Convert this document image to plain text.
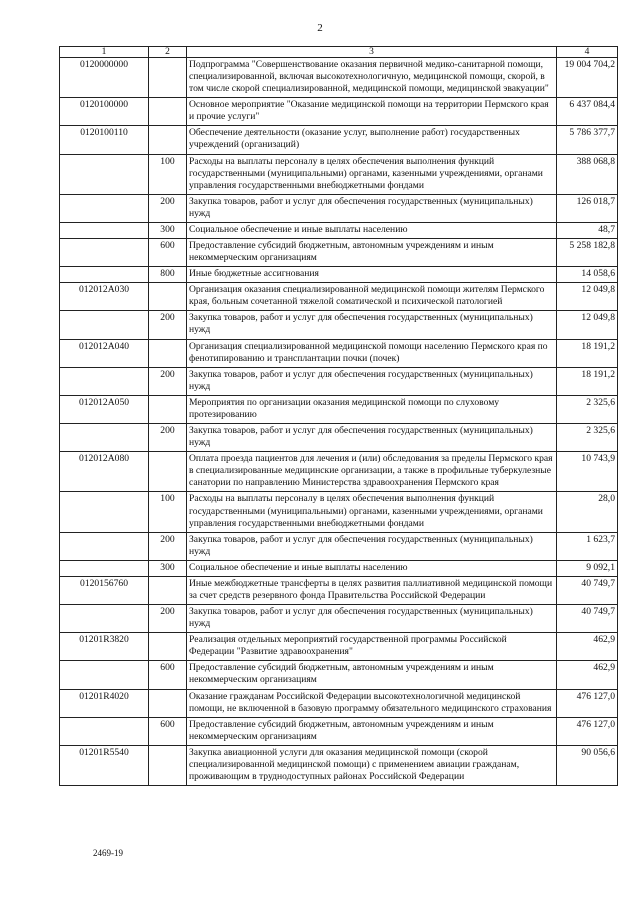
2
1	2	3	4
0120000000		Подпрограмма "Совершенствование оказания первичной медико-санитарной помощи, специализированной, включая высокотехнологичную, медицинской помощи, скорой, в том числе скорой специализированной, медицинской помощи, медицинской эвакуации"	19 004 704,2
0120100000		Основное мероприятие "Оказание медицинской помощи на территории Пермского края и прочие услуги"	6 437 084,4
0120100110		Обеспечение деятельности (оказание услуг, выполнение работ) государственных учреждений (организаций)	5 786 377,7
	100	Расходы на выплаты персоналу в целях обеспечения выполнения функций государственными (муниципальными) органами, казенными учреждениями, органами управления государственными внебюджетными фондами	388 068,8
	200	Закупка товаров, работ и услуг для обеспечения государственных (муниципальных) нужд	126 018,7
	300	Социальное обеспечение и иные выплаты населению	48,7
	600	Предоставление субсидий бюджетным, автономным учреждениям и иным некоммерческим организациям	5 258 182,8
	800	Иные бюджетные ассигнования	14 058,6
012012А030		Организация оказания специализированной медицинской помощи жителям Пермского края, больным сочетанной тяжелой соматической и психической патологией	12 049,8
	200	Закупка товаров, работ и услуг для обеспечения государственных (муниципальных) нужд	12 049,8
012012А040		Организация специализированной медицинской помощи населению Пермского края по фенотипированию и трансплантации почки (почек)	18 191,2
	200	Закупка товаров, работ и услуг для обеспечения государственных (муниципальных) нужд	18 191,2
012012А050		Мероприятия по организации оказания медицинской помощи по слуховому протезированию	2 325,6
	200	Закупка товаров, работ и услуг для обеспечения государственных (муниципальных) нужд	2 325,6
012012А080		Оплата проезда пациентов для лечения и (или) обследования за пределы Пермского края в специализированные медицинские организации, а также в профильные туберкулезные санатории по направлению Министерства здравоохранения Пермского края	10 743,9
	100	Расходы на выплаты персоналу в целях обеспечения выполнения функций государственными (муниципальными) органами, казенными учреждениями, органами управления государственными внебюджетными фондами	28,0
	200	Закупка товаров, работ и услуг для обеспечения государственных (муниципальных) нужд	1 623,7
	300	Социальное обеспечение и иные выплаты населению	9 092,1
0120156760		Иные межбюджетные трансферты в целях развития паллиативной медицинской помощи за счет средств резервного фонда Правительства Российской Федерации	40 749,7
	200	Закупка товаров, работ и услуг для обеспечения государственных (муниципальных) нужд	40 749,7
01201R3820		Реализация отдельных мероприятий государственной программы Российской Федерации "Развитие здравоохранения"	462,9
	600	Предоставление субсидий бюджетным, автономным учреждениям и иным некоммерческим организациям	462,9
01201R4020		Оказание гражданам Российской Федерации высокотехнологичной медицинской помощи, не включенной в базовую программу обязательного медицинского страхования	476 127,0
	600	Предоставление субсидий бюджетным, автономным учреждениям и иным некоммерческим организациям	476 127,0
01201R5540		Закупка авиационной услуги для оказания медицинской помощи (скорой специализированной медицинской помощи) с применением авиации гражданам, проживающим в труднодоступных районах Российской Федерации	90 056,6
2469-19
